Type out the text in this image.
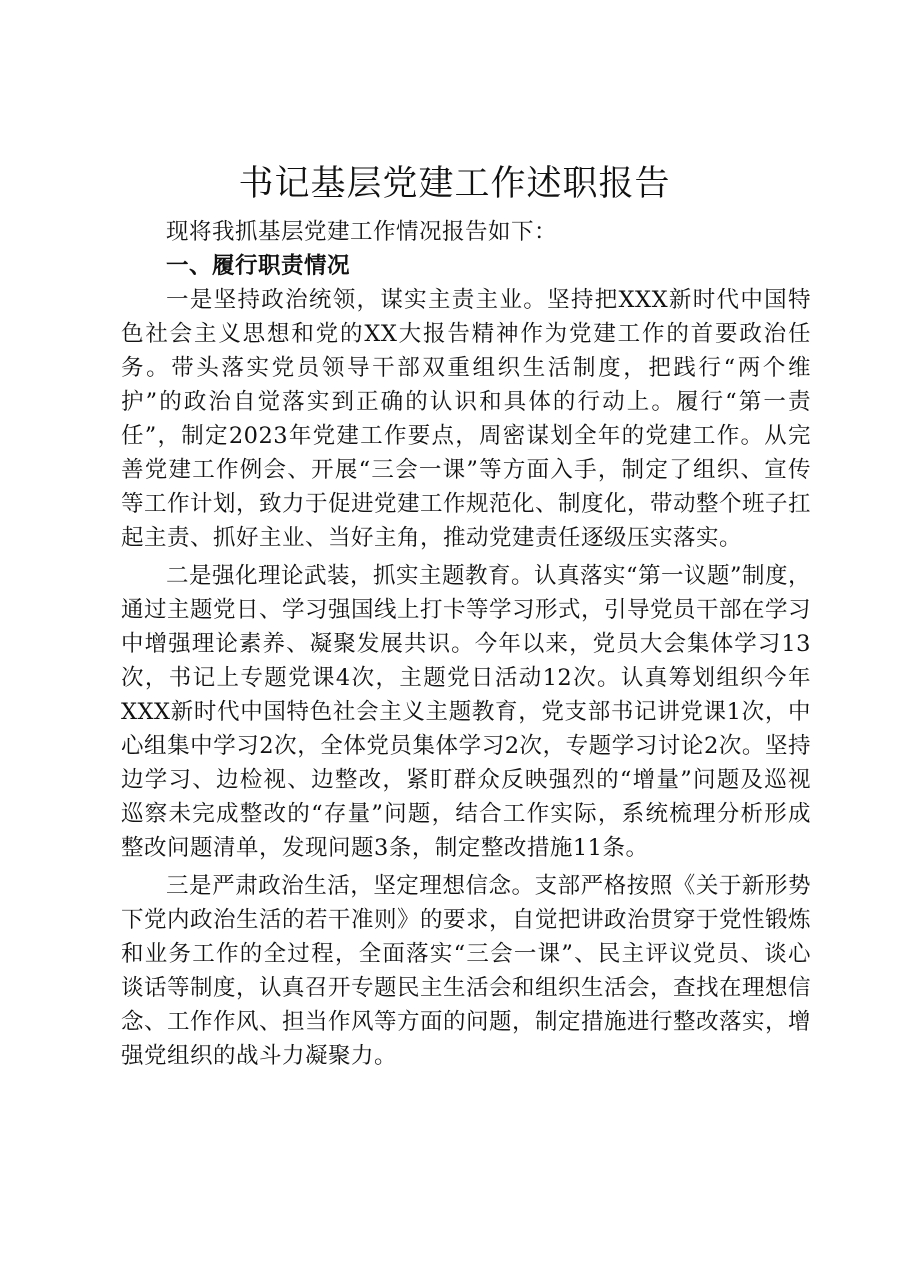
书记基层党建工作述职报告

现将我抓基层党建工作情况报告如下：

一、履行职责情况

一是坚持政治统领，谋实主责主业。坚持把XXX新时代中国特色社会主义思想和党的XX大报告精神作为党建工作的首要政治任务。带头落实党员领导干部双重组织生活制度，把践行“两个维护”的政治自觉落实到正确的认识和具体的行动上。履行“第一责任”，制定2023年党建工作要点，周密谋划全年的党建工作。从完善党建工作例会、开展“三会一课”等方面入手，制定了组织、宣传等工作计划，致力于促进党建工作规范化、制度化，带动整个班子扛起主责、抓好主业、当好主角，推动党建责任逐级压实落实。

二是强化理论武装，抓实主题教育。认真落实“第一议题”制度，通过主题党日、学习强国线上打卡等学习形式，引导党员干部在学习中增强理论素养、凝聚发展共识。今年以来，党员大会集体学习13次，书记上专题党课4次，主题党日活动12次。认真筹划组织今年XXX新时代中国特色社会主义主题教育，党支部书记讲党课1次，中心组集中学习2次，全体党员集体学习2次，专题学习讨论2次。坚持边学习、边检视、边整改，紧盯群众反映强烈的“增量”问题及巡视巡察未完成整改的“存量”问题，结合工作实际，系统梳理分析形成整改问题清单，发现问题3条，制定整改措施11条。

三是严肃政治生活，坚定理想信念。支部严格按照《关于新形势下党内政治生活的若干准则》的要求，自觉把讲政治贯穿于党性锻炼和业务工作的全过程，全面落实“三会一课”、民主评议党员、谈心谈话等制度，认真召开专题民主生活会和组织生活会，查找在理想信念、工作作风、担当作风等方面的问题，制定措施进行整改落实，增强党组织的战斗力凝聚力。
